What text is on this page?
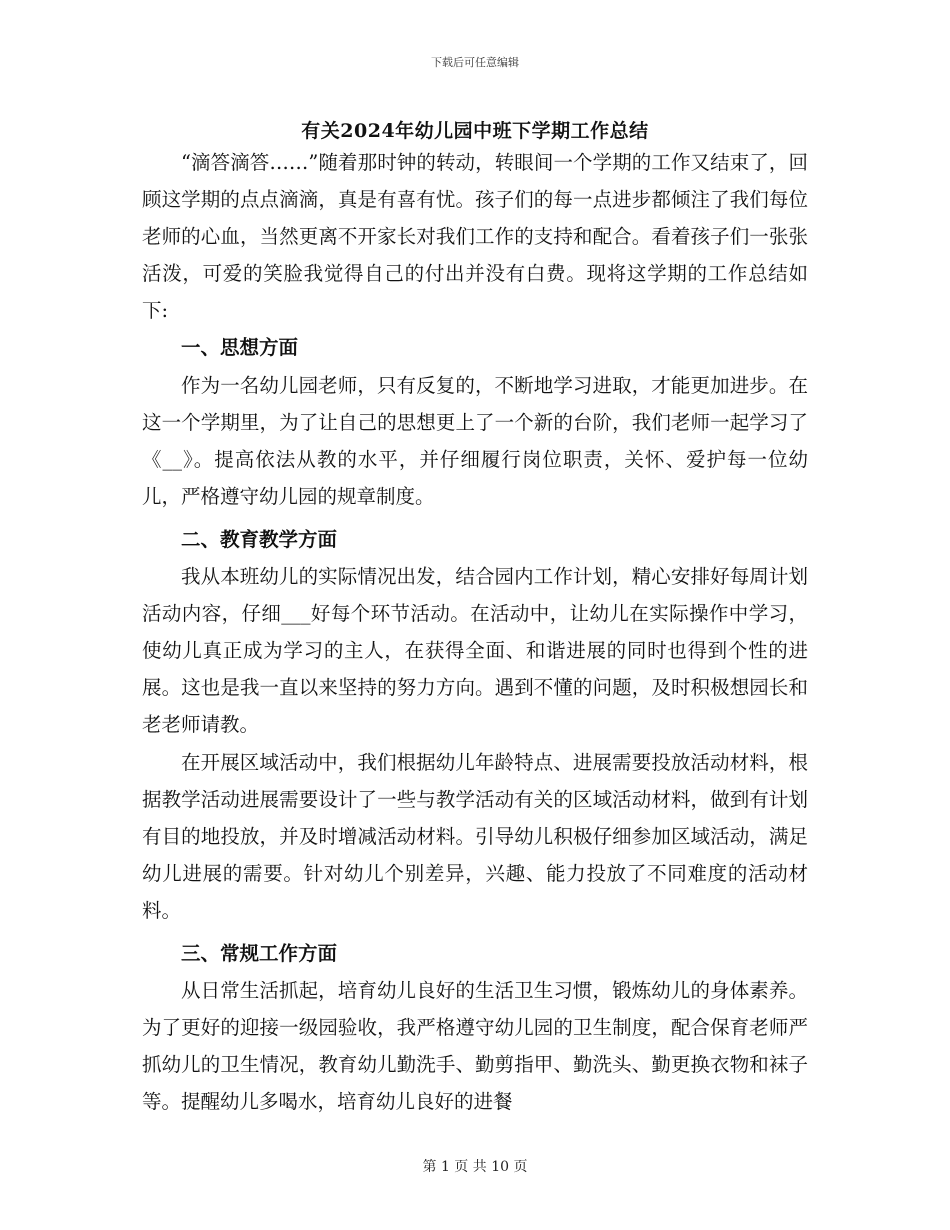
下载后可任意编辑
有关2024年幼儿园中班下学期工作总结

“滴答滴答……”随着那时钟的转动，转眼间一个学期的工作又结束了，回顾这学期的点点滴滴，真是有喜有忧。孩子们的每一点进步都倾注了我们每位老师的心血，当然更离不开家长对我们工作的支持和配合。看着孩子们一张张活泼，可爱的笑脸我觉得自己的付出并没有白费。现将这学期的工作总结如下:

一、思想方面

作为一名幼儿园老师，只有反复的，不断地学习进取，才能更加进步。在这一个学期里，为了让自己的思想更上了一个新的台阶，我们老师一起学习了《__》。提高依法从教的水平，并仔细履行岗位职责，关怀、爱护每一位幼儿，严格遵守幼儿园的规章制度。

二、教育教学方面

我从本班幼儿的实际情况出发，结合园内工作计划，精心安排好每周计划活动内容，仔细___好每个环节活动。在活动中，让幼儿在实际操作中学习，使幼儿真正成为学习的主人，在获得全面、和谐进展的同时也得到个性的进展。这也是我一直以来坚持的努力方向。遇到不懂的问题，及时积极想园长和老老师请教。

在开展区域活动中，我们根据幼儿年龄特点、进展需要投放活动材料，根据教学活动进展需要设计了一些与教学活动有关的区域活动材料，做到有计划有目的地投放，并及时增减活动材料。引导幼儿积极仔细参加区域活动，满足幼儿进展的需要。针对幼儿个别差异，兴趣、能力投放了不同难度的活动材料。

三、常规工作方面

从日常生活抓起，培育幼儿良好的生活卫生习惯，锻炼幼儿的身体素养。为了更好的迎接一级园验收，我严格遵守幼儿园的卫生制度，配合保育老师严抓幼儿的卫生情况，教育幼儿勤洗手、勤剪指甲、勤洗头、勤更换衣物和袜子等。提醒幼儿多喝水，培育幼儿良好的进餐

第 1 页 共 10 页
